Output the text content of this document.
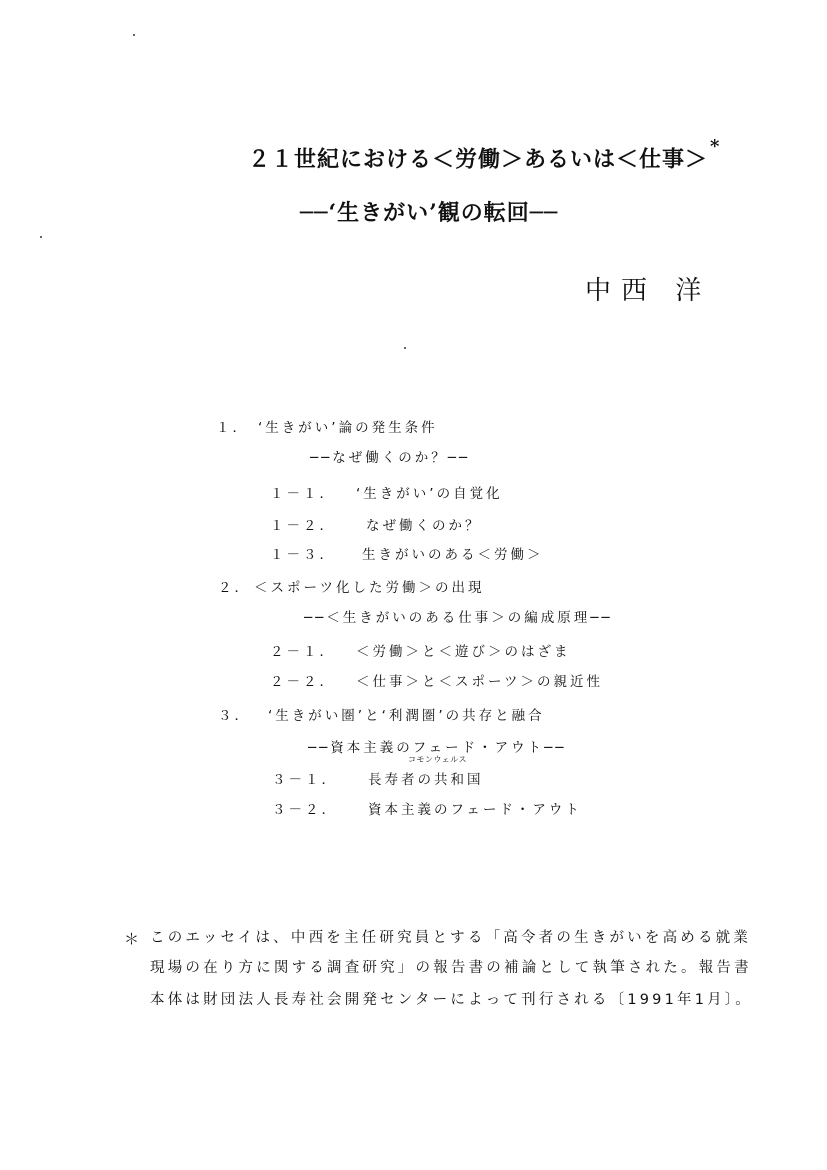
２１世紀における＜労働＞あるいは＜仕事＞ *
──‘生きがい’観の転回──
中西 洋
１． ‘生きがい’論の発生条件
──なぜ働くのか？──
１－１． ‘生きがい’の自覚化
１－２． なぜ働くのか？
１－３． 生きがいのある＜労働＞
２． ＜スポーツ化した労働＞の出現
──＜生きがいのある仕事＞の編成原理──
２－１． ＜労働＞と＜遊び＞のはざま
２－２． ＜仕事＞と＜スポーツ＞の親近性
３． ‘生きがい圏’と‘利潤圏’の共存と融合
──資本主義のフェード・アウト──
３－１．
コモンウェルス
長寿者の共和国
３－２． 資本主義のフェード・アウト
＊ このエッセイは、中西を主任研究員とする「高令者の生きがいを高める就業
現場の在り方に関する調査研究」の報告書の補論として執筆された。報告書
本体は財団法人長寿社会開発センターによって刊行される〔1991年1月〕。
